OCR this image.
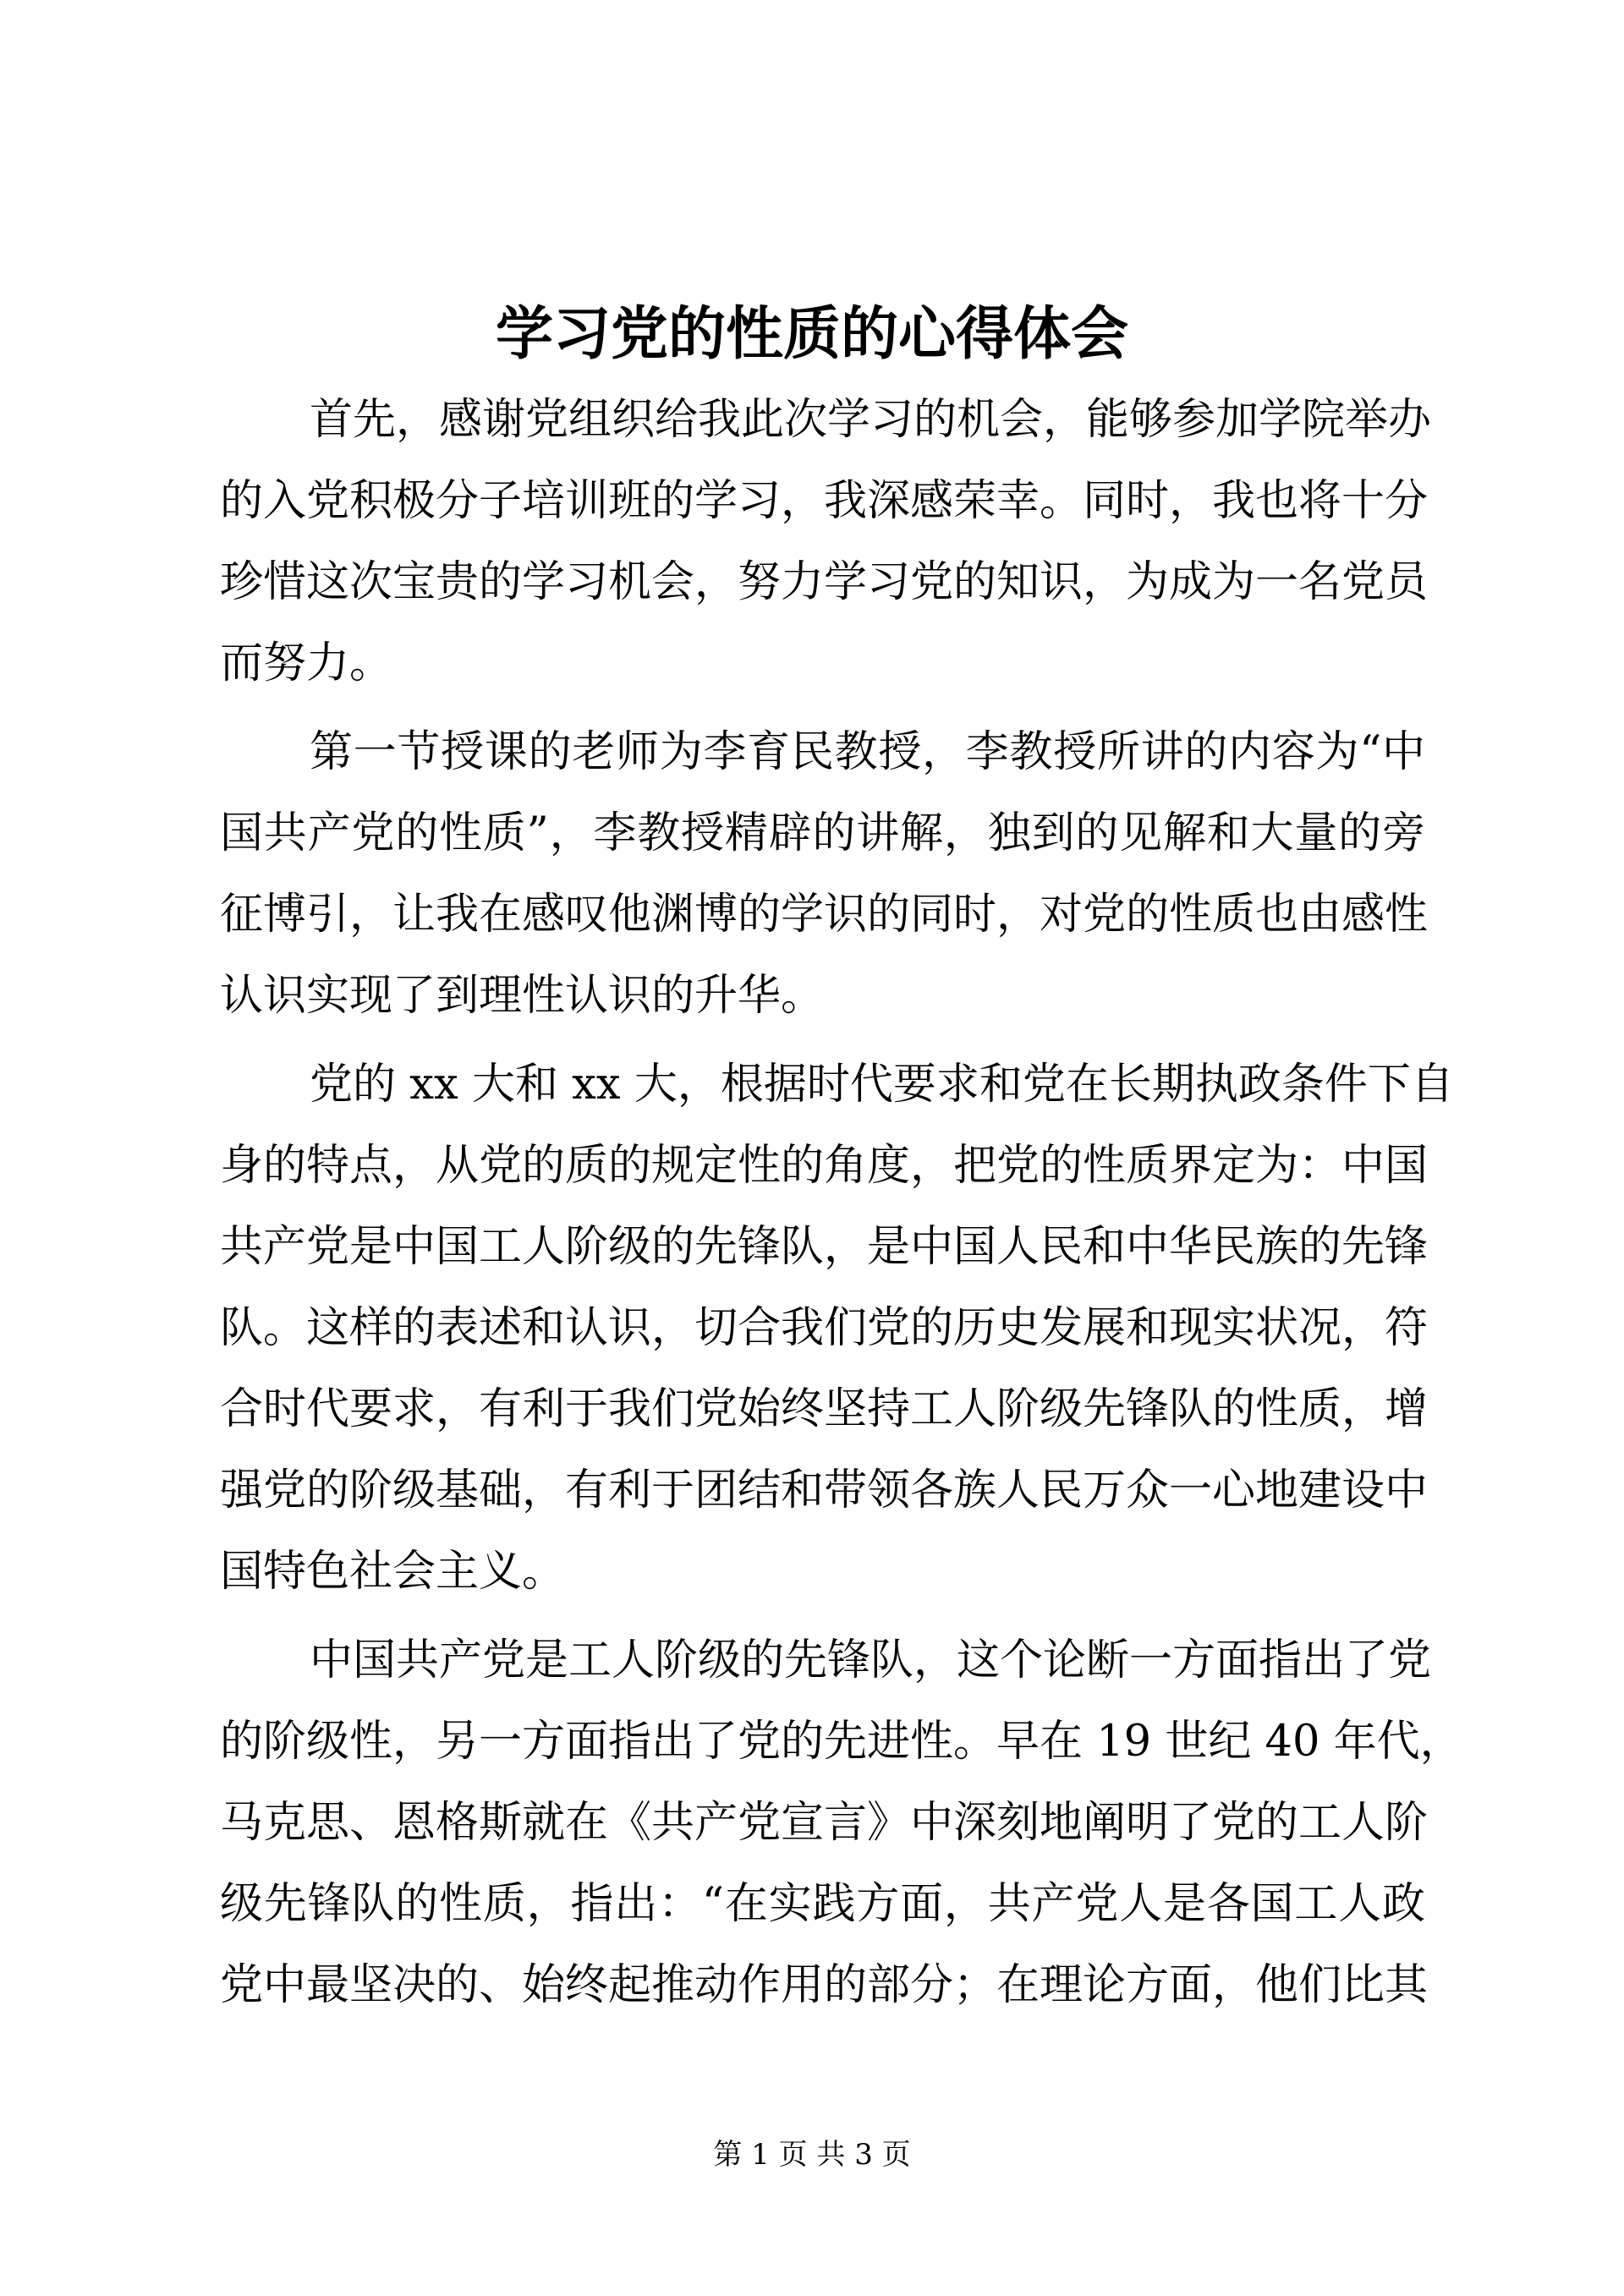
学习党的性质的心得体会
首先，感谢党组织给我此次学习的机会，能够参加学院举办
的入党积极分子培训班的学习，我深感荣幸。同时，我也将十分
珍惜这次宝贵的学习机会，努力学习党的知识，为成为一名党员
而努力。
第一节授课的老师为李育民教授，李教授所讲的内容为“中
国共产党的性质”，李教授精辟的讲解，独到的见解和大量的旁
征博引，让我在感叹他渊博的学识的同时，对党的性质也由感性
认识实现了到理性认识的升华。
党的 xx 大和 xx 大，根据时代要求和党在长期执政条件下自
身的特点，从党的质的规定性的角度，把党的性质界定为：中国
共产党是中国工人阶级的先锋队，是中国人民和中华民族的先锋
队。这样的表述和认识，切合我们党的历史发展和现实状况，符
合时代要求，有利于我们党始终坚持工人阶级先锋队的性质，增
强党的阶级基础，有利于团结和带领各族人民万众一心地建设中
国特色社会主义。
中国共产党是工人阶级的先锋队，这个论断一方面指出了党
的阶级性，另一方面指出了党的先进性。早在 19 世纪 40 年代，
马克思、恩格斯就在《共产党宣言》中深刻地阐明了党的工人阶
级先锋队的性质，指出：“在实践方面，共产党人是各国工人政
党中最坚决的、始终起推动作用的部分；在理论方面，他们比其
第 1 页 共 3 页
